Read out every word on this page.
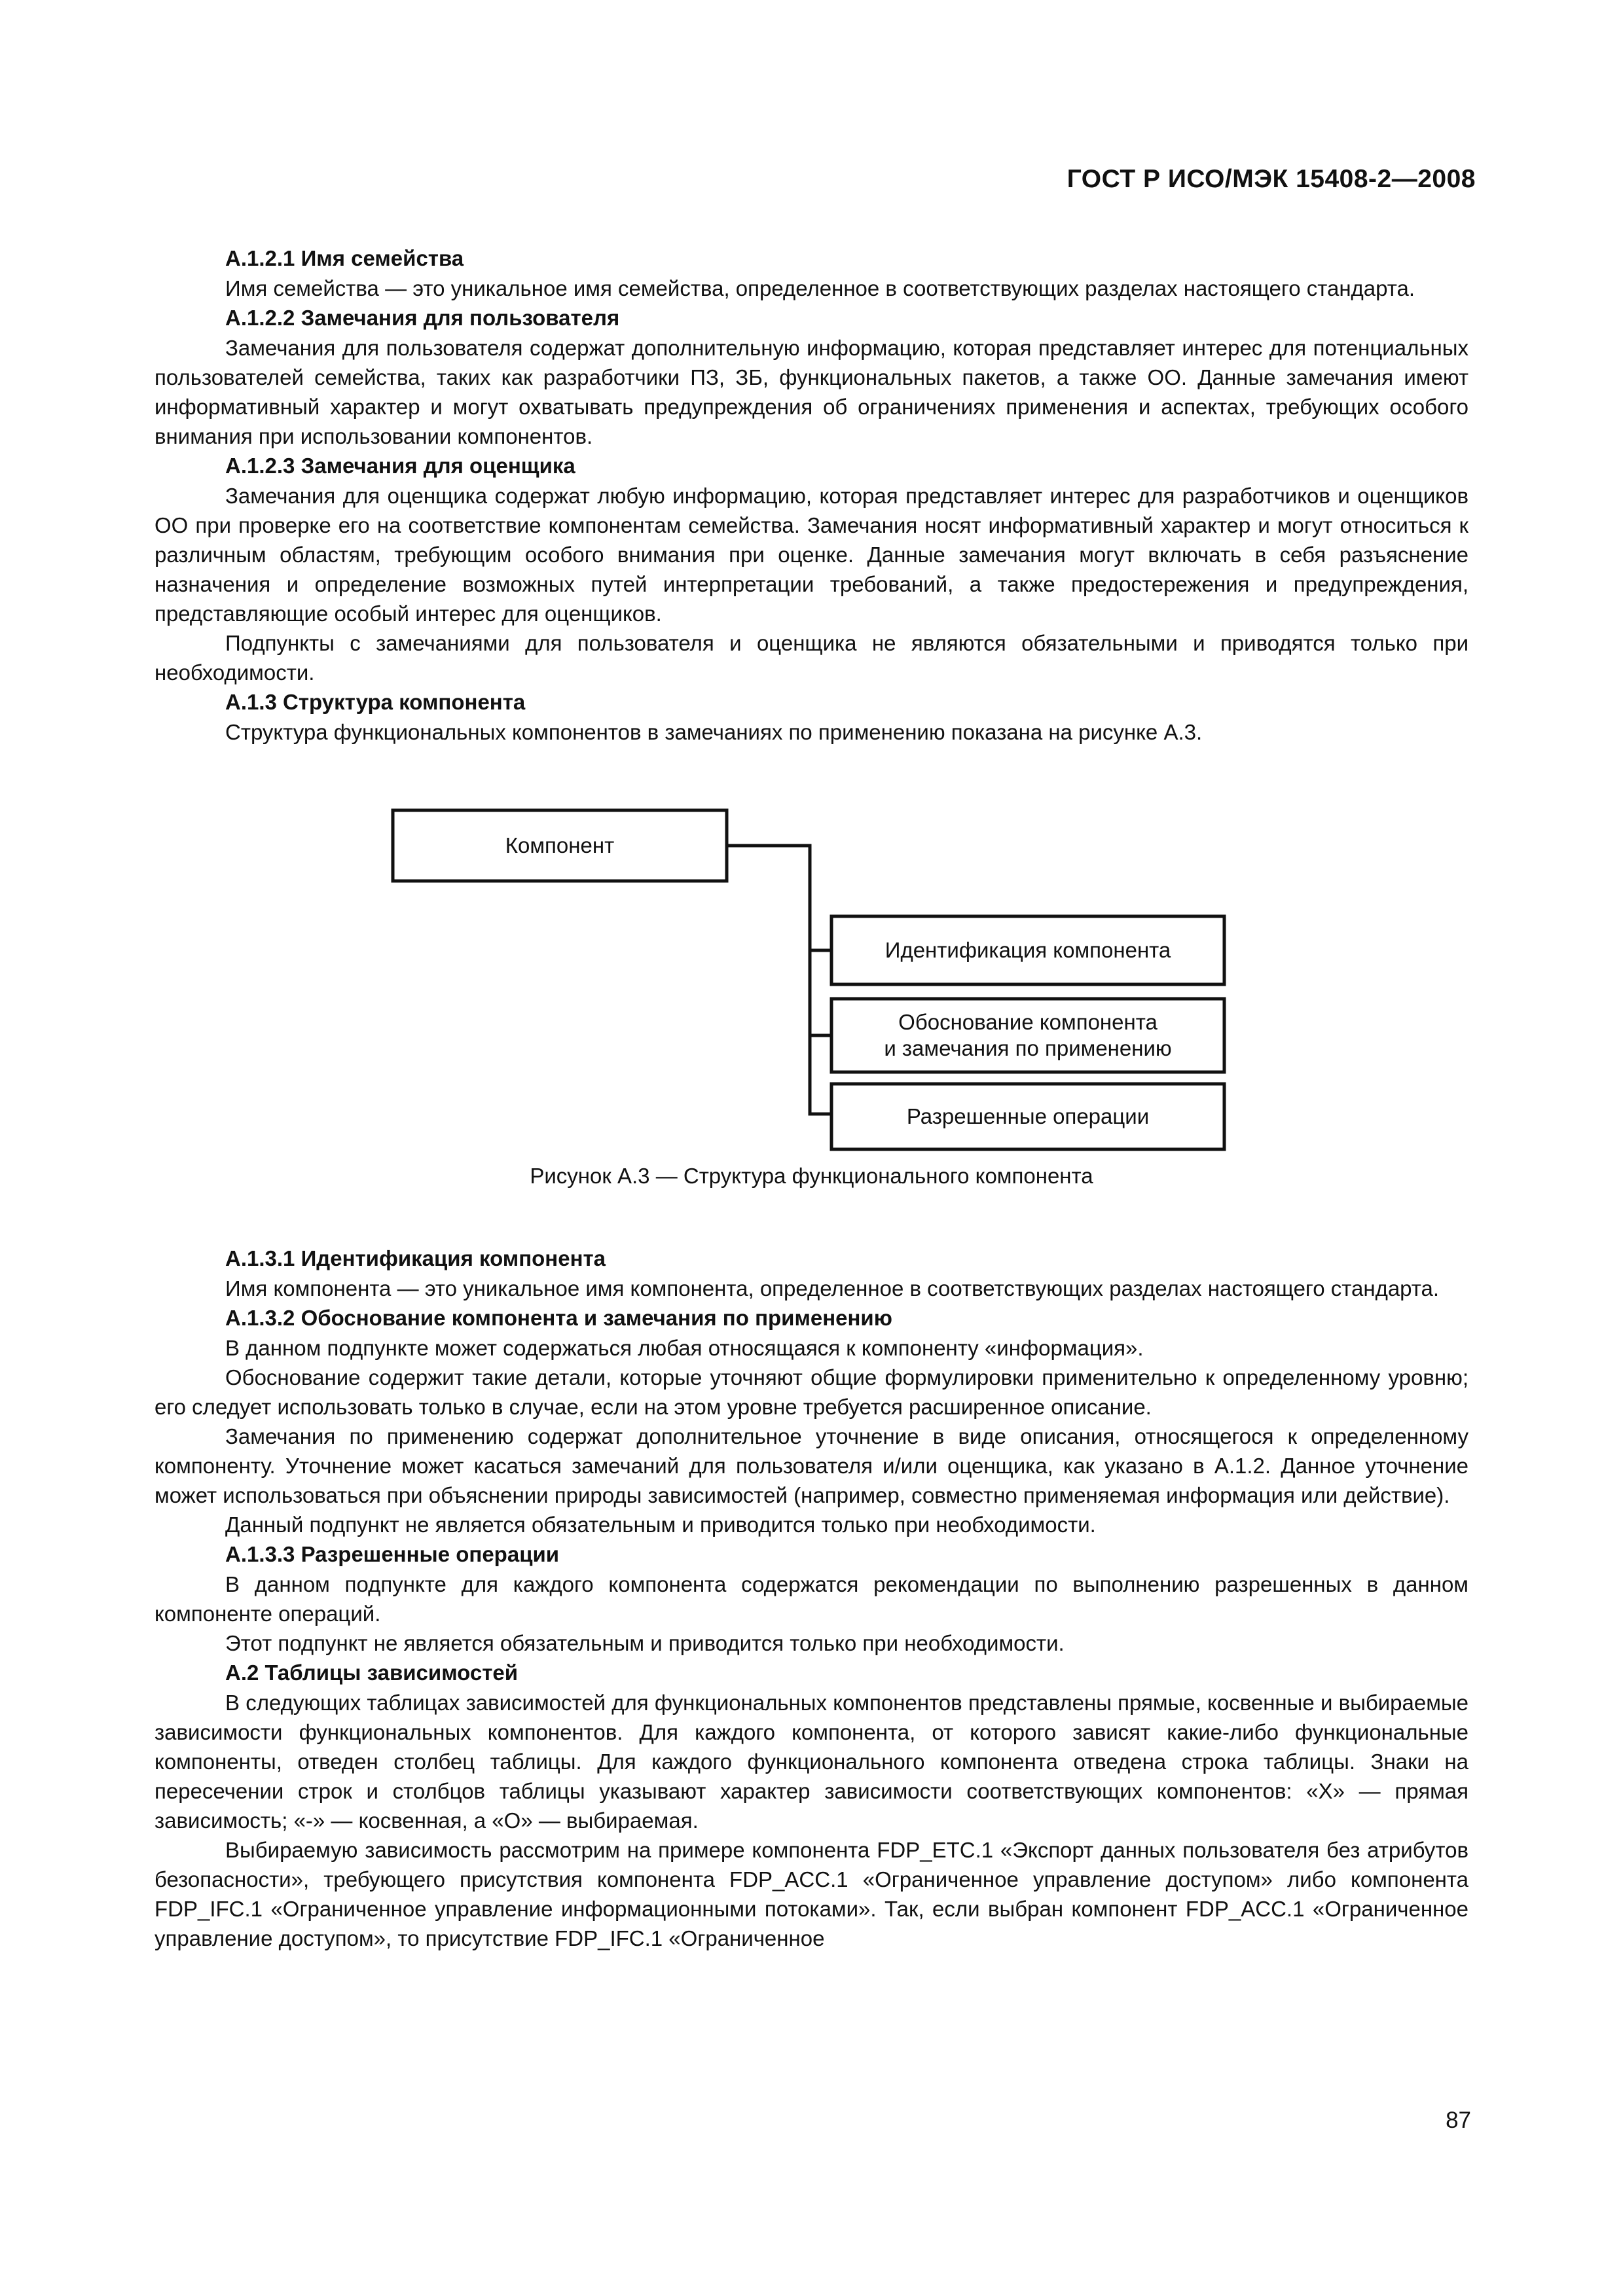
ГОСТ Р ИСО/МЭК 15408-2—2008

А.1.2.1 Имя семейства

Имя семейства — это уникальное имя семейства, определенное в соответствующих разделах настоящего стандарта.

А.1.2.2 Замечания для пользователя

Замечания для пользователя содержат дополнительную информацию, которая представляет интерес для потенциальных пользователей семейства, таких как разработчики ПЗ, ЗБ, функциональных пакетов, а также ОО. Данные замечания имеют информативный характер и могут охватывать предупреждения об ограничениях применения и аспектах, требующих особого внимания при использовании компонентов.

А.1.2.3 Замечания для оценщика

Замечания для оценщика содержат любую информацию, которая представляет интерес для разработчиков и оценщиков ОО при проверке его на соответствие компонентам семейства. Замечания носят информативный характер и могут относиться к различным областям, требующим особого внимания при оценке. Данные замечания могут включать в себя разъяснение назначения и определение возможных путей интерпретации требований, а также предостережения и предупреждения, представляющие особый интерес для оценщиков.

Подпункты с замечаниями для пользователя и оценщика не являются обязательными и приводятся только при необходимости.

А.1.3 Структура компонента

Структура функциональных компонентов в замечаниях по применению показана на рисунке А.3.

Компонент
Идентификация компонента
Обоснование компонента
и замечания по применению
Разрешенные операции
Рисунок А.3 — Структура функционального компонента

А.1.3.1 Идентификация компонента

Имя компонента — это уникальное имя компонента, определенное в соответствующих разделах настоящего стандарта.

А.1.3.2 Обоснование компонента и замечания по применению

В данном подпункте может содержаться любая относящаяся к компоненту «информация».

Обоснование содержит такие детали, которые уточняют общие формулировки применительно к определенному уровню; его следует использовать только в случае, если на этом уровне требуется расширенное описание.

Замечания по применению содержат дополнительное уточнение в виде описания, относящегося к определенному компоненту. Уточнение может касаться замечаний для пользователя и/или оценщика, как указано в А.1.2. Данное уточнение может использоваться при объяснении природы зависимостей (например, совместно применяемая информация или действие).

Данный подпункт не является обязательным и приводится только при необходимости.

А.1.3.3 Разрешенные операции

В данном подпункте для каждого компонента содержатся рекомендации по выполнению разрешенных в данном компоненте операций.

Этот подпункт не является обязательным и приводится только при необходимости.

А.2 Таблицы зависимостей

В следующих таблицах зависимостей для функциональных компонентов представлены прямые, косвенные и выбираемые зависимости функциональных компонентов. Для каждого компонента, от которого зависят какие-либо функциональные компоненты, отведен столбец таблицы. Для каждого функционального компонента отведена строка таблицы. Знаки на пересечении строк и столбцов таблицы указывают характер зависимости соответствующих компонентов: «X» — прямая зависимость; «-» — косвенная, а «O» — выбираемая.

Выбираемую зависимость рассмотрим на примере компонента FDP_ETC.1 «Экспорт данных пользователя без атрибутов безопасности», требующего присутствия компонента FDP_ACC.1 «Ограниченное управление доступом» либо компонента FDP_IFC.1 «Ограниченное управление информационными потоками». Так, если выбран компонент FDP_ACC.1 «Ограниченное управление доступом», то присутствие FDP_IFC.1 «Ограниченное

87
